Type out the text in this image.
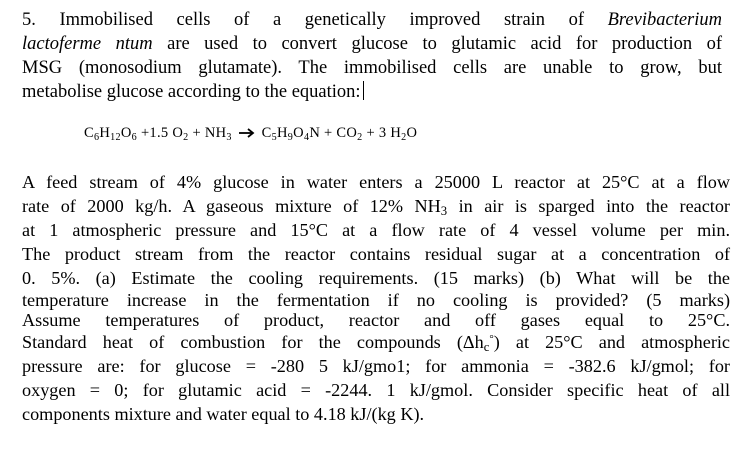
5. Immobilised cells of a genetically improved strain of Brevibacterium
lactoferme ntum are used to convert glucose to glutamic acid for production of
MSG (monosodium glutamate). The immobilised cells are unable to grow, but
metabolise glucose according to the equation:
$C_6H_{12}O_6 +1.5$ $O_2 + NH_3 \to C_5H_9O_4N + CO_2 + 3$ $H_2O$
A feed stream of 4% glucose in water enters a 25000 L reactor at 25°C at a flow
rate of 2000 kg/h. A gaseous mixture of 12% $NH_3$ in air is sparged into the reactor
at 1 atmospheric pressure and 15°C at a flow rate of 4 vessel volume per min.
The product stream from the reactor contains residual sugar at a concentration of
0. 5%. (a) Estimate the cooling requirements. (15 marks) (b) What will be the
temperature increase in the fermentation if no cooling is provided? (5 marks)
Assume temperatures of product, reactor and off gases equal to 25°C.
Standard heat of combustion for the compounds $(\Delta h_c^\circ)$ at 25°C and atmospheric
pressure are: for glucose = -280 5 kJ/gmo1; for ammonia = -382.6 kJ/gmol; for
oxygen = 0; for glutamic acid = -2244. 1 kJ/gmol. Consider specific heat of all
components mixture and water equal to 4.18 kJ/(kg K).
